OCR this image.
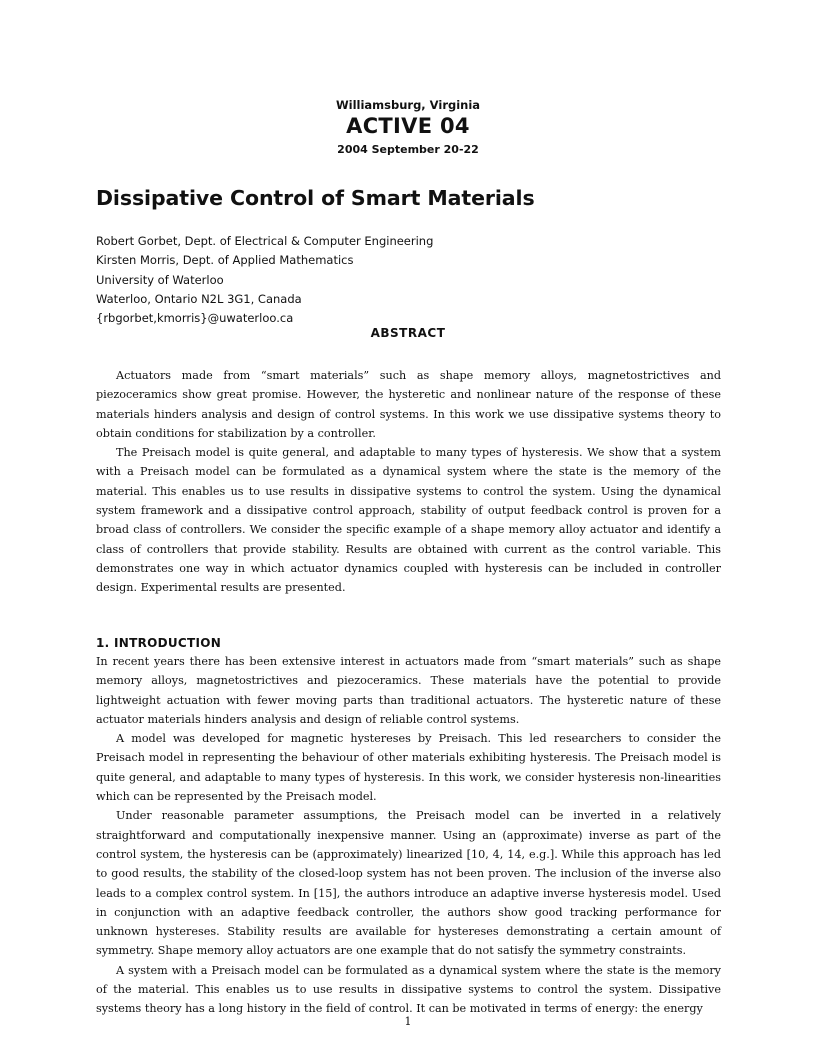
Williamsburg, Virginia
ACTIVE 04
2004 September 20-22
Dissipative Control of Smart Materials
Robert Gorbet, Dept. of Electrical & Computer Engineering
Kirsten Morris, Dept. of Applied Mathematics
University of Waterloo
Waterloo, Ontario N2L 3G1, Canada
{rbgorbet,kmorris}@uwaterloo.ca
ABSTRACT

Actuators made from “smart materials” such as shape memory alloys, magnetostrictives and piezoceramics show great promise. However, the hysteretic and nonlinear nature of the response of these materials hinders analysis and design of control systems. In this work we use dissipative systems theory to obtain conditions for stabilization by a controller.

The Preisach model is quite general, and adaptable to many types of hysteresis. We show that a system with a Preisach model can be formulated as a dynamical system where the state is the memory of the material. This enables us to use results in dissipative systems to control the system. Using the dynamical system framework and a dissipative control approach, stability of output feedback control is proven for a broad class of controllers. We consider the specific example of a shape memory alloy actuator and identify a class of controllers that provide stability. Results are obtained with current as the control variable. This demonstrates one way in which actuator dynamics coupled with hysteresis can be included in controller design. Experimental results are presented.

1. INTRODUCTION

In recent years there has been extensive interest in actuators made from “smart materials” such as shape memory alloys, magnetostrictives and piezoceramics. These materials have the potential to provide lightweight actuation with fewer moving parts than traditional actuators. The hysteretic nature of these actuator materials hinders analysis and design of reliable control systems.

A model was developed for magnetic hystereses by Preisach. This led researchers to consider the Preisach model in representing the behaviour of other materials exhibiting hysteresis. The Preisach model is quite general, and adaptable to many types of hysteresis. In this work, we consider hysteresis non-linearities which can be represented by the Preisach model.

Under reasonable parameter assumptions, the Preisach model can be inverted in a relatively straightforward and computationally inexpensive manner. Using an (approximate) inverse as part of the control system, the hysteresis can be (approximately) linearized [10, 4, 14, e.g.]. While this approach has led to good results, the stability of the closed-loop system has not been proven. The inclusion of the inverse also leads to a complex control system. In [15], the authors introduce an adaptive inverse hysteresis model. Used in conjunction with an adaptive feedback controller, the authors show good tracking performance for unknown hystereses. Stability results are available for hystereses demonstrating a certain amount of symmetry. Shape memory alloy actuators are one example that do not satisfy the symmetry constraints.

A system with a Preisach model can be formulated as a dynamical system where the state is the memory of the material. This enables us to use results in dissipative systems to control the system. Dissipative systems theory has a long history in the field of control. It can be motivated in terms of energy: the energy

1
